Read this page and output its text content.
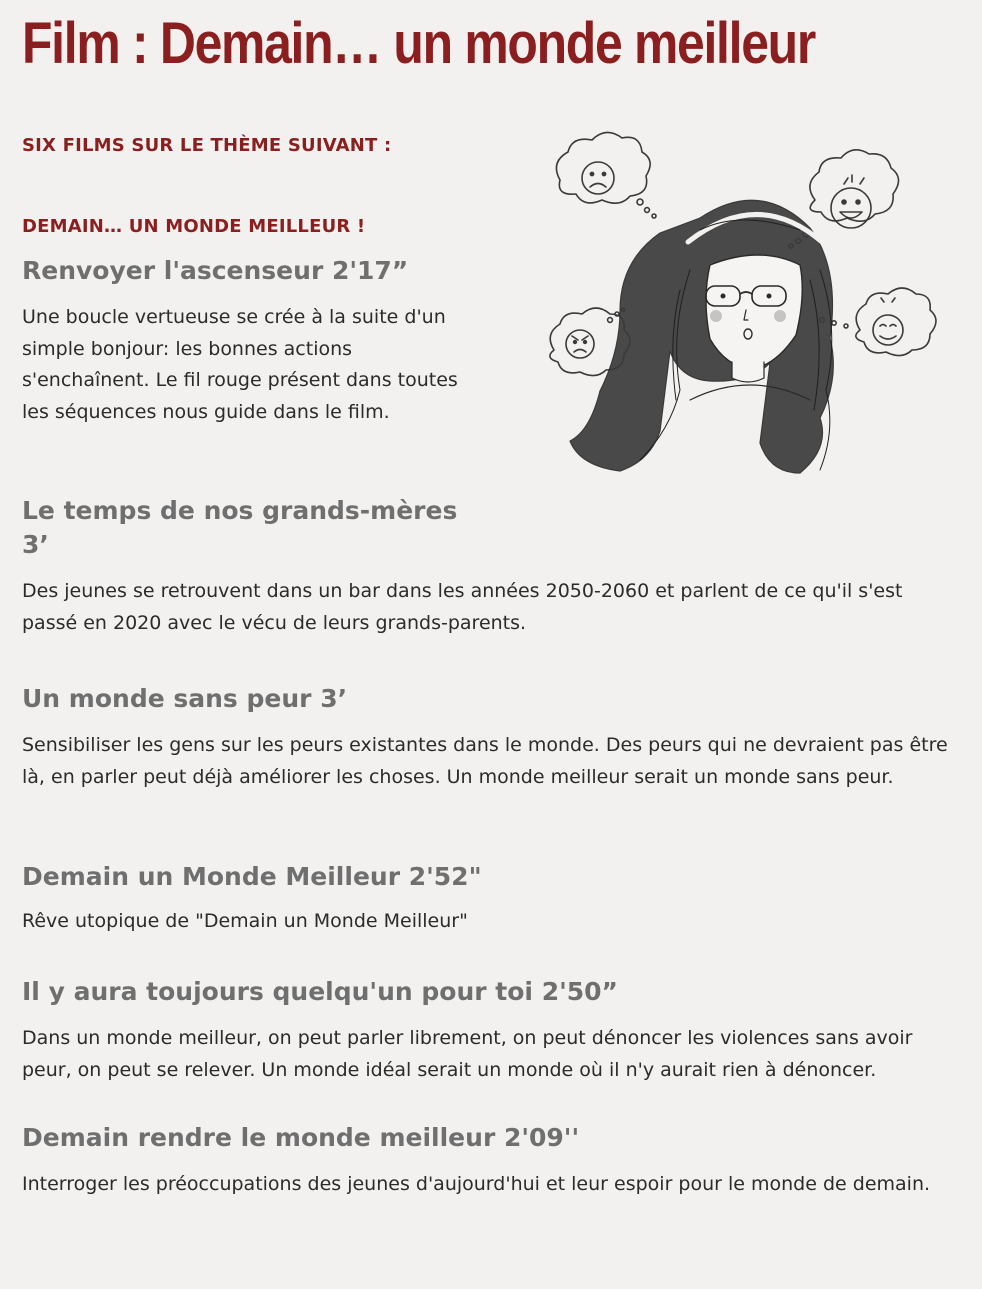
Film : Demain… un monde meilleur

SIX FILMS SUR LE THÈME SUIVANT :

DEMAIN… UN MONDE MEILLEUR !

Renvoyer l'ascenseur 2'17”

Une boucle vertueuse se crée à la suite d'un simple bonjour: les bonnes actions s'enchaînent. Le fil rouge présent dans toutes les séquences nous guide dans le film.

Le temps de nos grands-mères 3’

Des jeunes se retrouvent dans un bar dans les années 2050-2060 et parlent de ce qu'il s'est passé en 2020 avec le vécu de leurs grands-parents.

Un monde sans peur 3’

Sensibiliser les gens sur les peurs existantes dans le monde. Des peurs qui ne devraient pas être là, en parler peut déjà améliorer les choses. Un monde meilleur serait un monde sans peur.

Demain un Monde Meilleur 2'52"

Rêve utopique de "Demain un Monde Meilleur"

Il y aura toujours quelqu'un pour toi 2'50”

Dans un monde meilleur, on peut parler librement, on peut dénoncer les violences sans avoir peur, on peut se relever. Un monde idéal serait un monde où il n'y aurait rien à dénoncer.

Demain rendre le monde meilleur 2'09''

Interroger les préoccupations des jeunes d'aujourd'hui et leur espoir pour le monde de demain.
